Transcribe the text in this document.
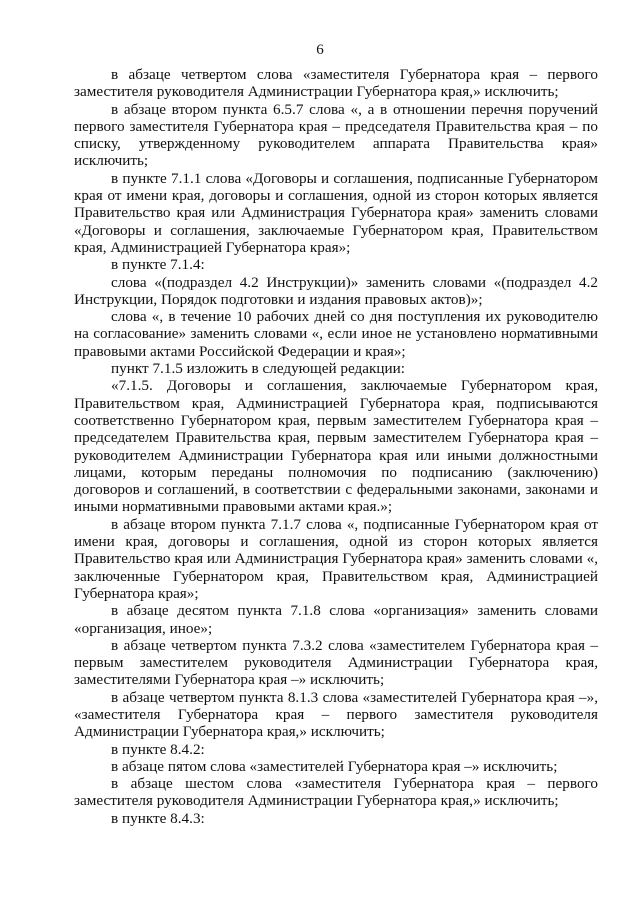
6

в абзаце четвертом слова «заместителя Губернатора края – первого заместителя руководителя Администрации Губернатора края,» исключить;

в абзаце втором пункта 6.5.7 слова «, а в отношении перечня поручений первого заместителя Губернатора края – председателя Правительства края – по списку, утвержденному руководителем аппарата Правительства края» исключить;

в пункте 7.1.1 слова «Договоры и соглашения, подписанные Губернатором края от имени края, договоры и соглашения, одной из сторон которых является Правительство края или Администрация Губернатора края» заменить словами «Договоры и соглашения, заключаемые Губернатором края, Правительством края, Администрацией Губернатора края»;

в пункте 7.1.4:

слова «(подраздел 4.2 Инструкции)» заменить словами «(подраздел 4.2 Инструкции, Порядок подготовки и издания правовых актов)»;

слова «, в течение 10 рабочих дней со дня поступления их руководителю на согласование» заменить словами «, если иное не установлено нормативными правовыми актами Российской Федерации и края»;

пункт 7.1.5 изложить в следующей редакции:

«7.1.5. Договоры и соглашения, заключаемые Губернатором края, Правительством края, Администрацией Губернатора края, подписываются соответственно Губернатором края, первым заместителем Губернатора края – председателем Правительства края, первым заместителем Губернатора края – руководителем Администрации Губернатора края или иными должностными лицами, которым переданы полномочия по подписанию (заключению) договоров и соглашений, в соответствии с федеральными законами, законами и иными нормативными правовыми актами края.»;

в абзаце втором пункта 7.1.7 слова «, подписанные Губернатором края от имени края, договоры и соглашения, одной из сторон которых является Правительство края или Администрация Губернатора края» заменить словами «, заключенные Губернатором края, Правительством края, Администрацией Губернатора края»;

в абзаце десятом пункта 7.1.8 слова «организация» заменить словами «организация, иное»;

в абзаце четвертом пункта 7.3.2 слова «заместителем Губернатора края – первым заместителем руководителя Администрации Губернатора края, заместителями Губернатора края –» исключить;

в абзаце четвертом пункта 8.1.3 слова «заместителей Губернатора края –», «заместителя Губернатора края – первого заместителя руководителя Администрации Губернатора края,» исключить;

в пункте 8.4.2:

в абзаце пятом слова «заместителей Губернатора края –» исключить;

в абзаце шестом слова «заместителя Губернатора края – первого заместителя руководителя Администрации Губернатора края,» исключить;

в пункте 8.4.3:
